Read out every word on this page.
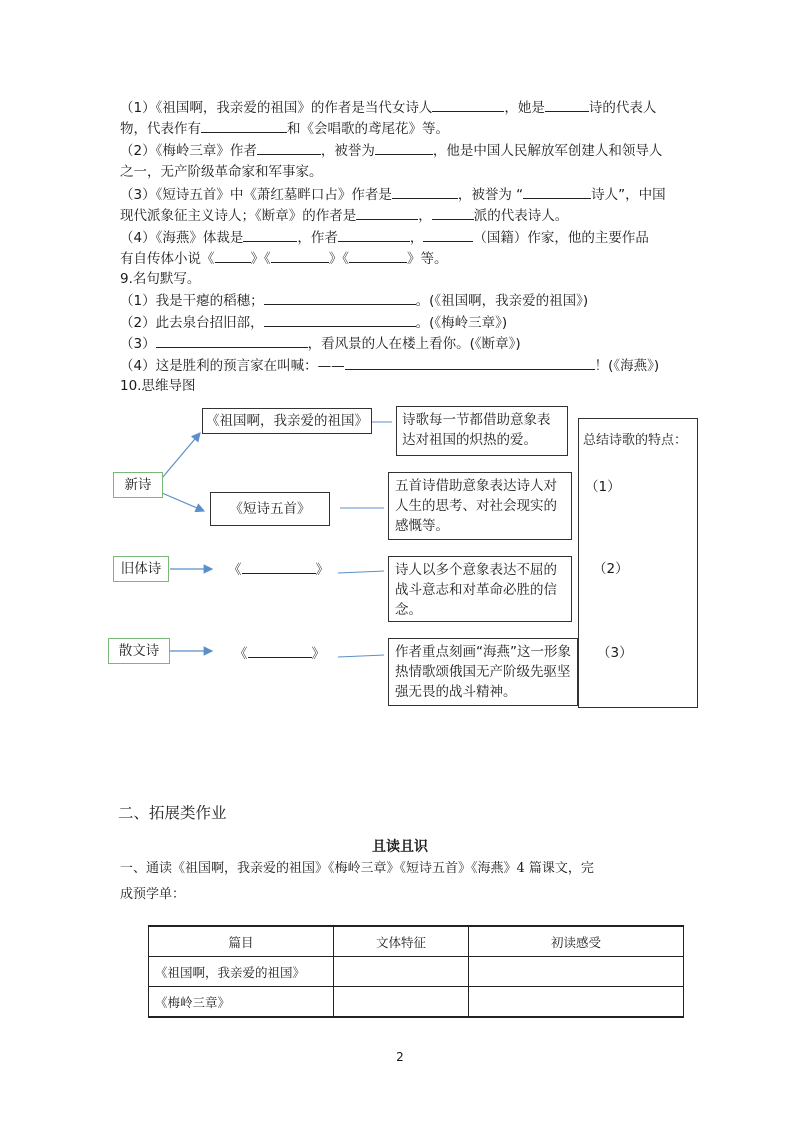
（1）《祖国啊，我亲爱的祖国》的作者是当代女诗人	，她是	诗的代表人
物，代表作有	和《会唱歌的鸢尾花》等。
（2）《梅岭三章》作者	，被誉为	，他是中国人民解放军创建人和领导人
之一，无产阶级革命家和军事家。
（3）《短诗五首》中《萧红墓畔口占》作者是	，被誉为 “	诗人”，中国
现代派象征主义诗人；《断章》的作者是	，	派的代表诗人。
（4）《海燕》体裁是	，作者	，	（国籍）作家，他的主要作品
有自传体小说《	》《	》《	》等。
9.名句默写。
（1）我是干瘪的稻穗；	。(《祖国啊，我亲爱的祖国》)
（2）此去泉台招旧部，	。(《梅岭三章》)
（3）	，看风景的人在楼上看你。(《断章》)
（4）这是胜利的预言家在叫喊：——	！(《海燕》)
10.思维导图
新诗
旧体诗
散文诗
《祖国啊，我亲爱的祖国》
《短诗五首》
《	》
《	》
诗歌每一节都借助意象表达对祖国的炽热的爱。
五首诗借助意象表达诗人对人生的思考、对社会现实的感慨等。
诗人以多个意象表达不屈的战斗意志和对革命必胜的信念。
作者重点刻画“海燕”这一形象热情歌颂俄国无产阶级先驱坚强无畏的战斗精神。
总结诗歌的特点：
（1）
（2）
（3）
二、拓展类作业
且读且识
一、通读《祖国啊，我亲爱的祖国》《梅岭三章》《短诗五首》《海燕》4 篇课文，完
成预学单：
篇目	文体特征	初读感受
《祖国啊，我亲爱的祖国》		
《梅岭三章》		
2
